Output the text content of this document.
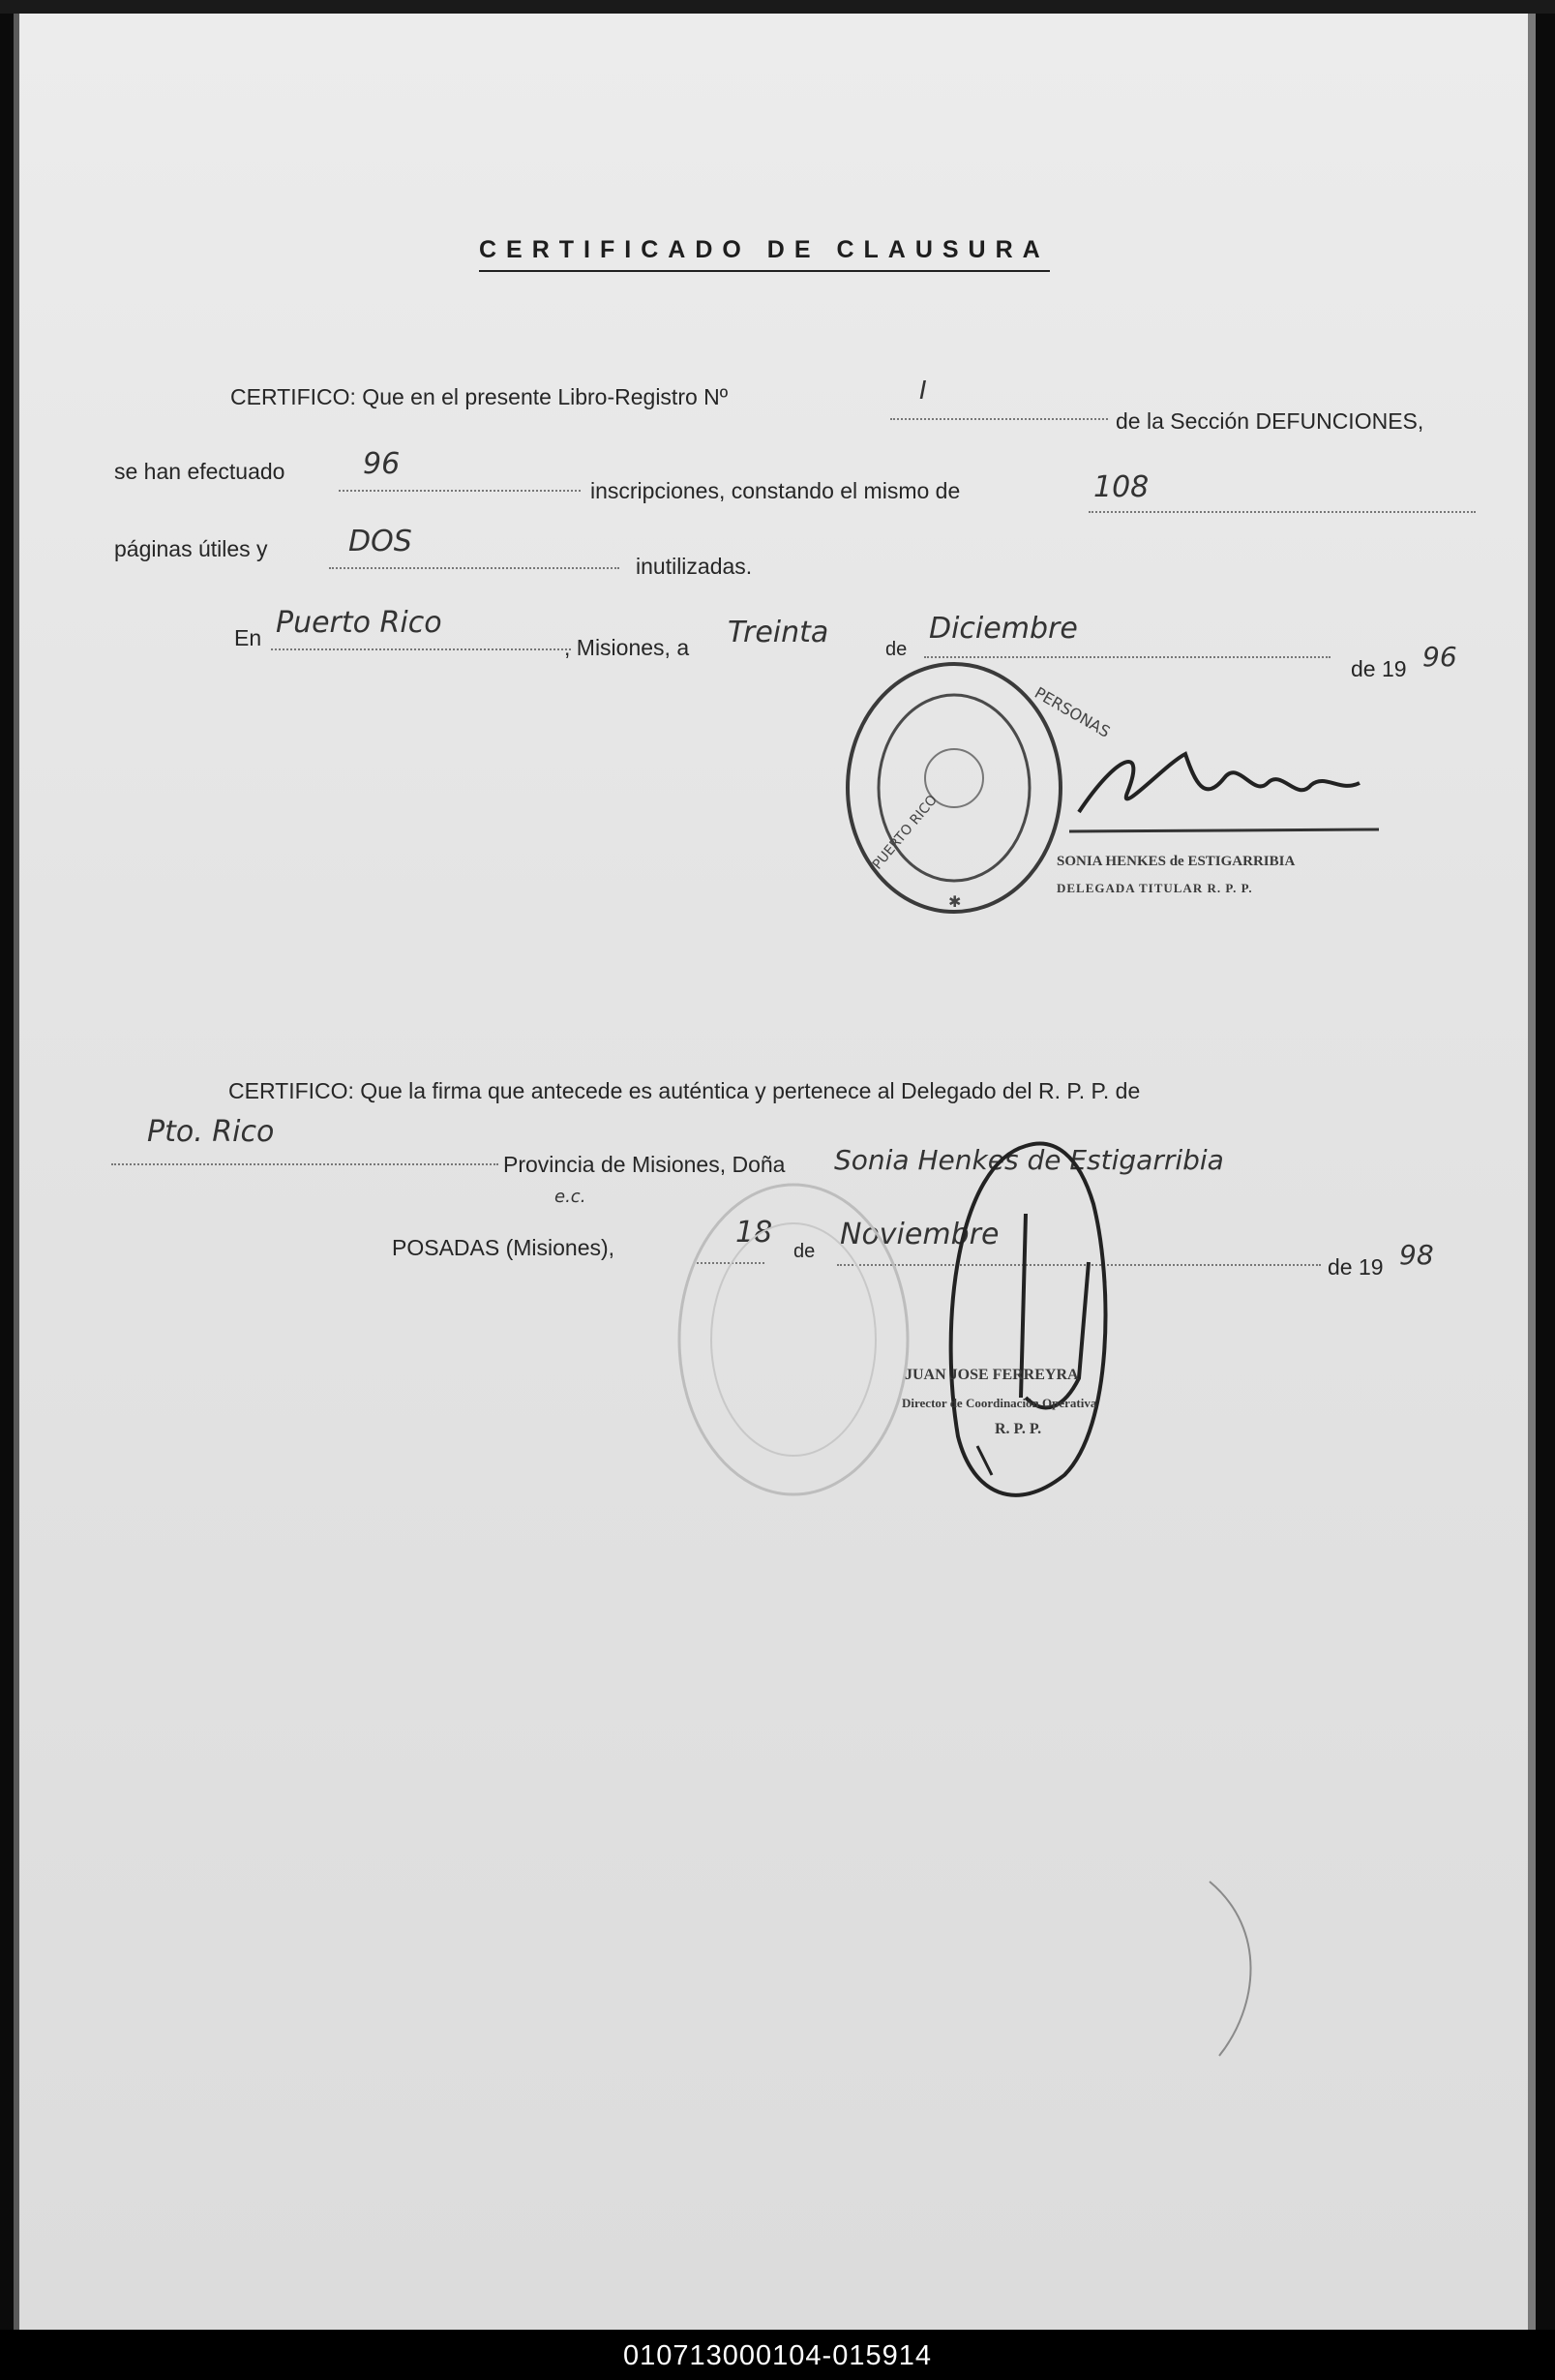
CERTIFICADO DE CLAUSURA
CERTIFICO: Que en el presente Libro-Registro Nº	I
de la Sección DEFUNCIONES,
se han efectuado	96
inscripciones, constando el mismo de	108
páginas útiles y	DOS
inutilizadas.
En Puerto Rico
, Misiones, a Treinta	de
Diciembre
de 19 96
PERSONAS
PUERTO RICO
✱
SONIA HENKES de ESTIGARRIBIA
DELEGADA TITULAR R. P. P.
CERTIFICO: Que la firma que antecede es auténtica y pertenece al Delegado del R. P. P. de
Pto. Rico
Provincia de Misiones, Doña Sonia Henkes de Estigarribia
e.c.
POSADAS (Misiones),	18
de Noviembre
de 19 98
JUAN JOSE FERREYRA
Director de Coordinación Operativa
R. P. P.
010713000104-015914
